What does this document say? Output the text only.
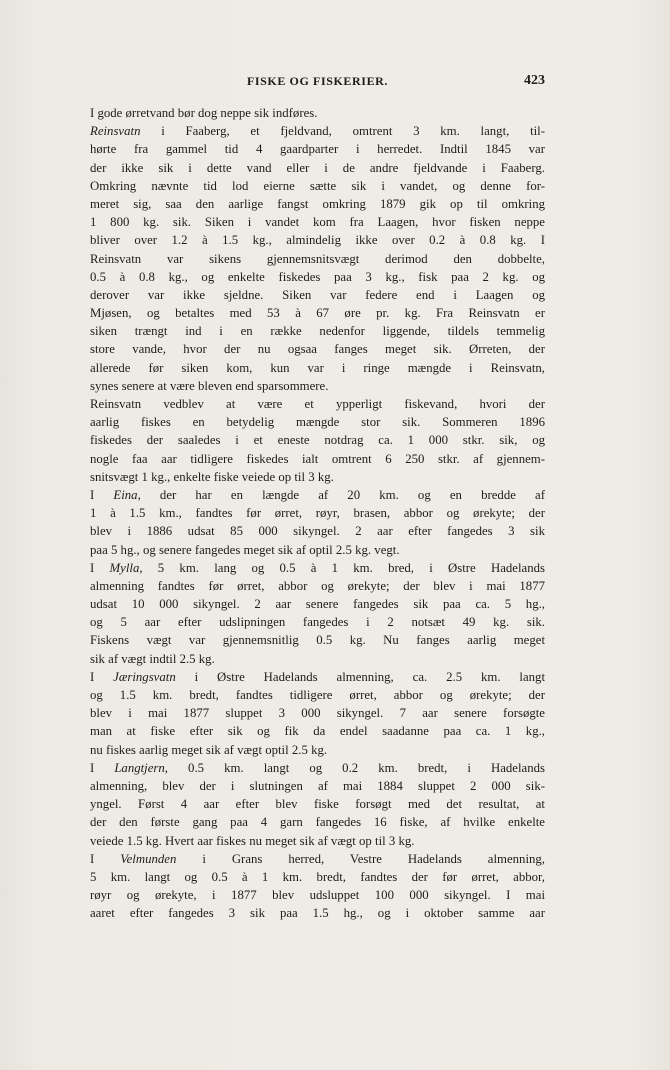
FISKE OG FISKERIER.	423
I gode ørretvand bør dog neppe sik indføres.
Reinsvatn i Faaberg, et fjeldvand, omtrent 3 km. langt, til-
hørte fra gammel tid 4 gaardparter i herredet. Indtil 1845 var
der ikke sik i dette vand eller i de andre fjeldvande i Faaberg.
Omkring nævnte tid lod eierne sætte sik i vandet, og denne for-
meret sig, saa den aarlige fangst omkring 1879 gik op til omkring
1 800 kg. sik. Siken i vandet kom fra Laagen, hvor fisken neppe
bliver over 1.2 à 1.5 kg., almindelig ikke over 0.2 à 0.8 kg. I
Reinsvatn var sikens gjennemsnitsvægt derimod den dobbelte,
0.5 à 0.8 kg., og enkelte fiskedes paa 3 kg., fisk paa 2 kg. og
derover var ikke sjeldne. Siken var federe end i Laagen og
Mjøsen, og betaltes med 53 à 67 øre pr. kg. Fra Reinsvatn er
siken trængt ind i en række nedenfor liggende, tildels temmelig
store vande, hvor der nu ogsaa fanges meget sik. Ørreten, der
allerede før siken kom, kun var i ringe mængde i Reinsvatn,
synes senere at være bleven end sparsommere.
Reinsvatn vedblev at være et ypperligt fiskevand, hvori der
aarlig fiskes en betydelig mængde stor sik. Sommeren 1896
fiskedes der saaledes i et eneste notdrag ca. 1 000 stkr. sik, og
nogle faa aar tidligere fiskedes ialt omtrent 6 250 stkr. af gjennem-
snitsvægt 1 kg., enkelte fiske veiede op til 3 kg.
I Eina, der har en længde af 20 km. og en bredde af
1 à 1.5 km., fandtes før ørret, røyr, brasen, abbor og ørekyte; der
blev i 1886 udsat 85 000 sikyngel. 2 aar efter fangedes 3 sik
paa 5 hg., og senere fangedes meget sik af optil 2.5 kg. vegt.
I Mylla, 5 km. lang og 0.5 à 1 km. bred, i Østre Hadelands
almenning fandtes før ørret, abbor og ørekyte; der blev i mai 1877
udsat 10 000 sikyngel. 2 aar senere fangedes sik paa ca. 5 hg.,
og 5 aar efter udslipningen fangedes i 2 notsæt 49 kg. sik.
Fiskens vægt var gjennemsnitlig 0.5 kg. Nu fanges aarlig meget
sik af vægt indtil 2.5 kg.
I Jæringsvatn i Østre Hadelands almenning, ca. 2.5 km. langt
og 1.5 km. bredt, fandtes tidligere ørret, abbor og ørekyte; der
blev i mai 1877 sluppet 3 000 sikyngel. 7 aar senere forsøgte
man at fiske efter sik og fik da endel saadanne paa ca. 1 kg.,
nu fiskes aarlig meget sik af vægt optil 2.5 kg.
I Langtjern, 0.5 km. langt og 0.2 km. bredt, i Hadelands
almenning, blev der i slutningen af mai 1884 sluppet 2 000 sik-
yngel. Først 4 aar efter blev fiske forsøgt med det resultat, at
der den første gang paa 4 garn fangedes 16 fiske, af hvilke enkelte
veiede 1.5 kg. Hvert aar fiskes nu meget sik af vægt op til 3 kg.
I Velmunden i Grans herred, Vestre Hadelands almenning,
5 km. langt og 0.5 à 1 km. bredt, fandtes der før ørret, abbor,
røyr og ørekyte, i 1877 blev udsluppet 100 000 sikyngel. I mai
aaret efter fangedes 3 sik paa 1.5 hg., og i oktober samme aar
